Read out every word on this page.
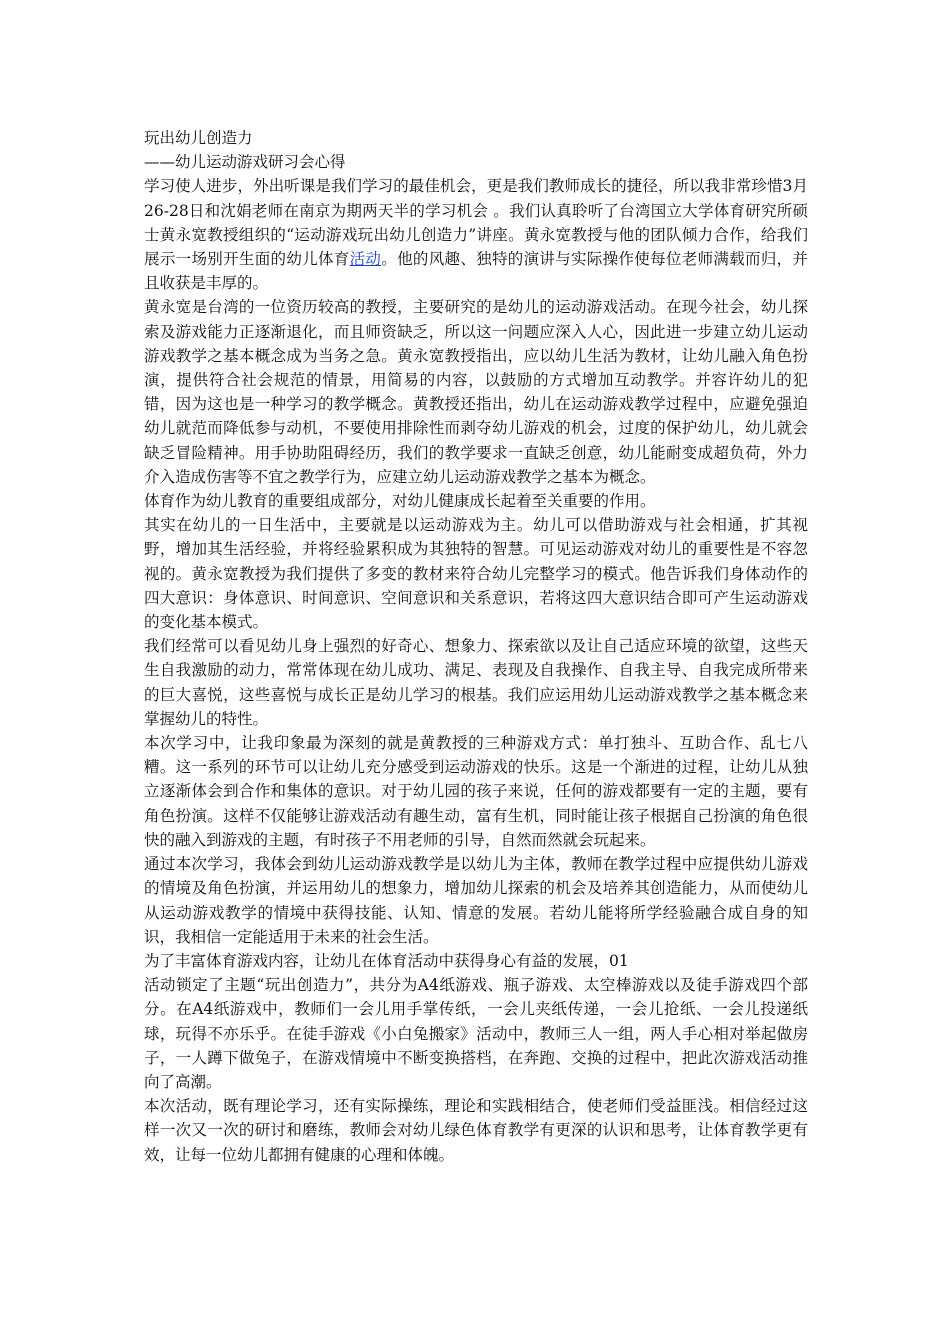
玩出幼儿创造力

——幼儿运动游戏研习会心得

学习使人进步，外出听课是我们学习的最佳机会，更是我们教师成长的捷径，所以我非常珍惜3月26-28日和沈娟老师在南京为期两天半的学习机会 。我们认真聆听了台湾国立大学体育研究所硕士黄永宽教授组织的“运动游戏玩出幼儿创造力”讲座。黄永宽教授与他的团队倾力合作，给我们展示一场别开生面的幼儿体育活动。他的风趣、独特的演讲与实际操作使每位老师满载而归，并且收获是丰厚的。

黄永宽是台湾的一位资历较高的教授，主要研究的是幼儿的运动游戏活动。在现今社会，幼儿探索及游戏能力正逐渐退化，而且师资缺乏，所以这一问题应深入人心，因此进一步建立幼儿运动游戏教学之基本概念成为当务之急。黄永宽教授指出，应以幼儿生活为教材，让幼儿融入角色扮演，提供符合社会规范的情景，用简易的内容，以鼓励的方式增加互动教学。并容许幼儿的犯错，因为这也是一种学习的教学概念。黄教授还指出，幼儿在运动游戏教学过程中，应避免强迫幼儿就范而降低参与动机，不要使用排除性而剥夺幼儿游戏的机会，过度的保护幼儿，幼儿就会缺乏冒险精神。用手协助阻碍经历，我们的教学要求一直缺乏创意，幼儿能耐变成超负荷，外力介入造成伤害等不宜之教学行为，应建立幼儿运动游戏教学之基本为概念。

体育作为幼儿教育的重要组成部分，对幼儿健康成长起着至关重要的作用。

其实在幼儿的一日生活中，主要就是以运动游戏为主。幼儿可以借助游戏与社会相通，扩其视野，增加其生活经验，并将经验累积成为其独特的智慧。可见运动游戏对幼儿的重要性是不容忽视的。黄永宽教授为我们提供了多变的教材来符合幼儿完整学习的模式。他告诉我们身体动作的四大意识：身体意识、时间意识、空间意识和关系意识，若将这四大意识结合即可产生运动游戏的变化基本模式。

我们经常可以看见幼儿身上强烈的好奇心、想象力、探索欲以及让自己适应环境的欲望，这些天生自我激励的动力，常常体现在幼儿成功、满足、表现及自我操作、自我主导、自我完成所带来的巨大喜悦，这些喜悦与成长正是幼儿学习的根基。我们应运用幼儿运动游戏教学之基本概念来掌握幼儿的特性。

本次学习中，让我印象最为深刻的就是黄教授的三种游戏方式：单打独斗、互助合作、乱七八糟。这一系列的环节可以让幼儿充分感受到运动游戏的快乐。这是一个渐进的过程，让幼儿从独立逐渐体会到合作和集体的意识。对于幼儿园的孩子来说，任何的游戏都要有一定的主题，要有角色扮演。这样不仅能够让游戏活动有趣生动，富有生机，同时能让孩子根据自己扮演的角色很快的融入到游戏的主题，有时孩子不用老师的引导，自然而然就会玩起来。

通过本次学习，我体会到幼儿运动游戏教学是以幼儿为主体，教师在教学过程中应提供幼儿游戏的情境及角色扮演，并运用幼儿的想象力，增加幼儿探索的机会及培养其创造能力，从而使幼儿从运动游戏教学的情境中获得技能、认知、情意的发展。若幼儿能将所学经验融合成自身的知识，我相信一定能适用于未来的社会生活。

为了丰富体育游戏内容，让幼儿在体育活动中获得身心有益的发展，01

活动锁定了主题“玩出创造力”，共分为A4纸游戏、瓶子游戏、太空棒游戏以及徒手游戏四个部分。在A4纸游戏中，教师们一会儿用手掌传纸，一会儿夹纸传递，一会儿抢纸、一会儿投递纸球，玩得不亦乐乎。在徒手游戏《小白兔搬家》活动中，教师三人一组，两人手心相对举起做房子，一人蹲下做兔子，在游戏情境中不断变换搭档，在奔跑、交换的过程中，把此次游戏活动推向了高潮。

本次活动，既有理论学习，还有实际操练，理论和实践相结合，使老师们受益匪浅。相信经过这样一次又一次的研讨和磨练，教师会对幼儿绿色体育教学有更深的认识和思考，让体育教学更有效，让每一位幼儿都拥有健康的心理和体魄。
